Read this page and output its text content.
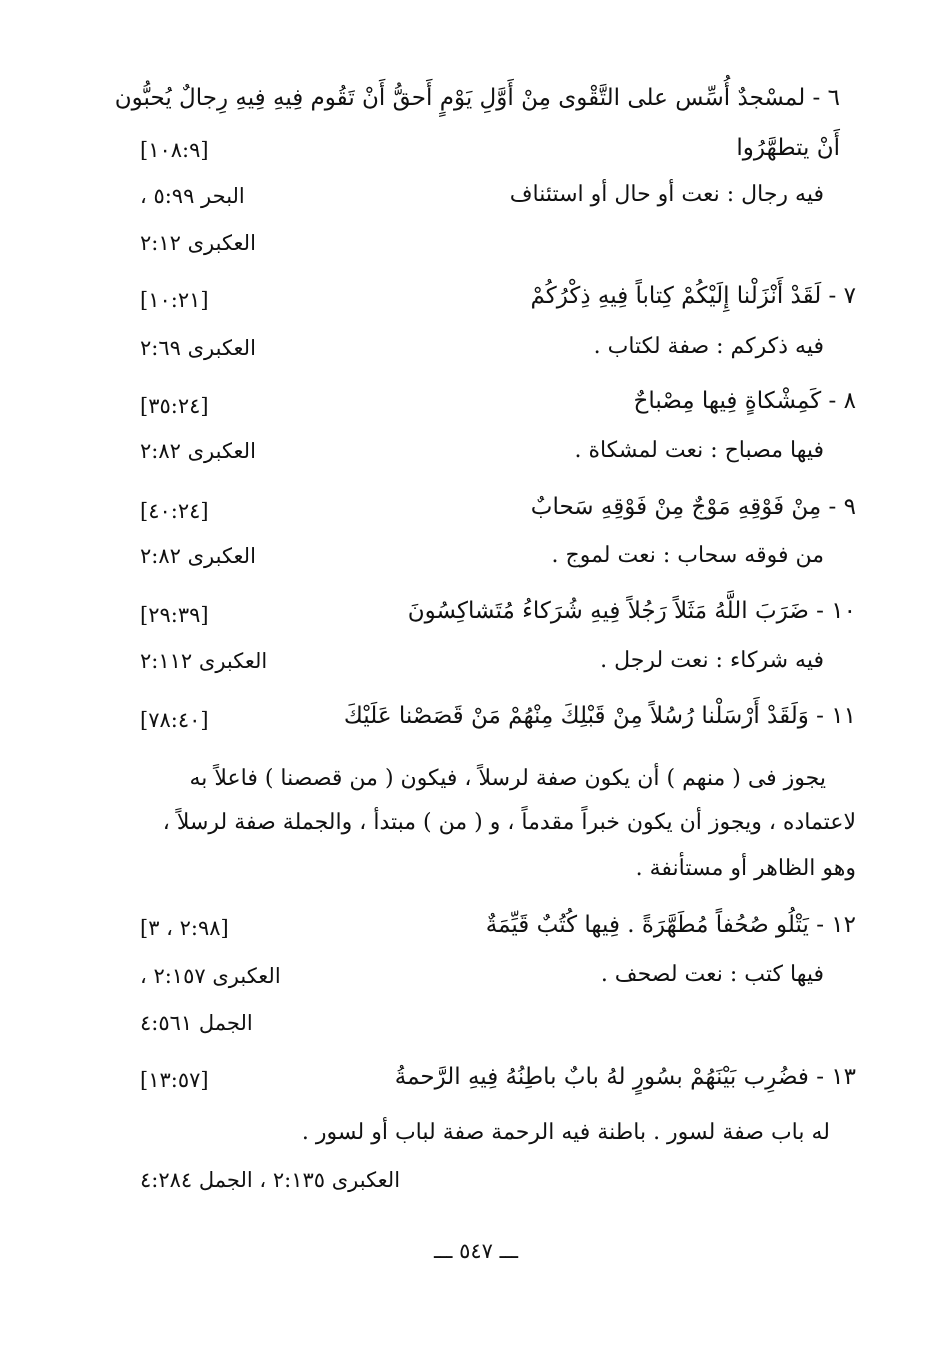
٦ - لمسْجدٌ أُسِّس على التَّقْوى مِنْ أَوَّلِ يَوْمٍ أَحقُّ أَنْ تَقُوم فِيهِ فِيهِ رِجالٌ يُحبُّون
أَنْ يتطهَّرُوا
[١٠٨:٩]
فيه رجال : نعت أو حال أو استئناف
البحر ٥:٩٩ ،
العكبرى ٢:١٢
٧ - لَقَدْ أَنْزَلْنا إِلَيْكُمْ كِتاباً فِيهِ ذِكْرُكُمْ
[١٠:٢١]
فيه ذكركم : صفة لكتاب .
العكبرى ٢:٦٩
٨ - كَمِشْكاةٍ فِيها مِصْباحٌ
[٣٥:٢٤]
فيها مصباح : نعت لمشكاة .
العكبرى ٢:٨٢
٩ - مِنْ فَوْقِهِ مَوْجٌ مِنْ فَوْقِهِ سَحابٌ
[٤٠:٢٤]
من فوقه سحاب : نعت لموج .
العكبرى ٢:٨٢
١٠ - ضَرَبَ اللَّهُ مَثَلاً رَجُلاً فِيهِ شُرَكاءُ مُتَشاكِسُونَ
[٢٩:٣٩]
فيه شركاء : نعت لرجل .
العكبرى ٢:١١٢
١١ - وَلَقَدْ أَرْسَلْنا رُسُلاً مِنْ قَبْلِكَ مِنْهُمْ مَنْ قَصَصْنا عَلَيْكَ
[٧٨:٤٠]
يجوز فى ( منهم ) أن يكون صفة لرسلاً ، فيكون ( من قصصنا ) فاعلاً به
لاعتماده ، ويجوز أن يكون خبراً مقدماً ، و ( من ) مبتدأ ، والجملة صفة لرسلاً ،
وهو الظاهر أو مستأنفة .
١٢ - يَتْلُو صُحُفاً مُطَهَّرَةً . فِيها كُتُبٌ قَيِّمَةٌ
[٢:٩٨ ، ٣]
فيها كتب : نعت لصحف .
العكبرى ٢:١٥٧ ،
الجمل ٤:٥٦١
١٣ - فضُرِب بَيْنَهُمْ بسُورٍ لهُ بابٌ باطِنُهُ فِيهِ الرَّحمةُ
[١٣:٥٧]
له باب صفة لسور . باطنة فيه الرحمة صفة لباب أو لسور .
العكبرى ٢:١٣٥ ، الجمل ٤:٢٨٤
ـــ ٥٤٧ ـــ
